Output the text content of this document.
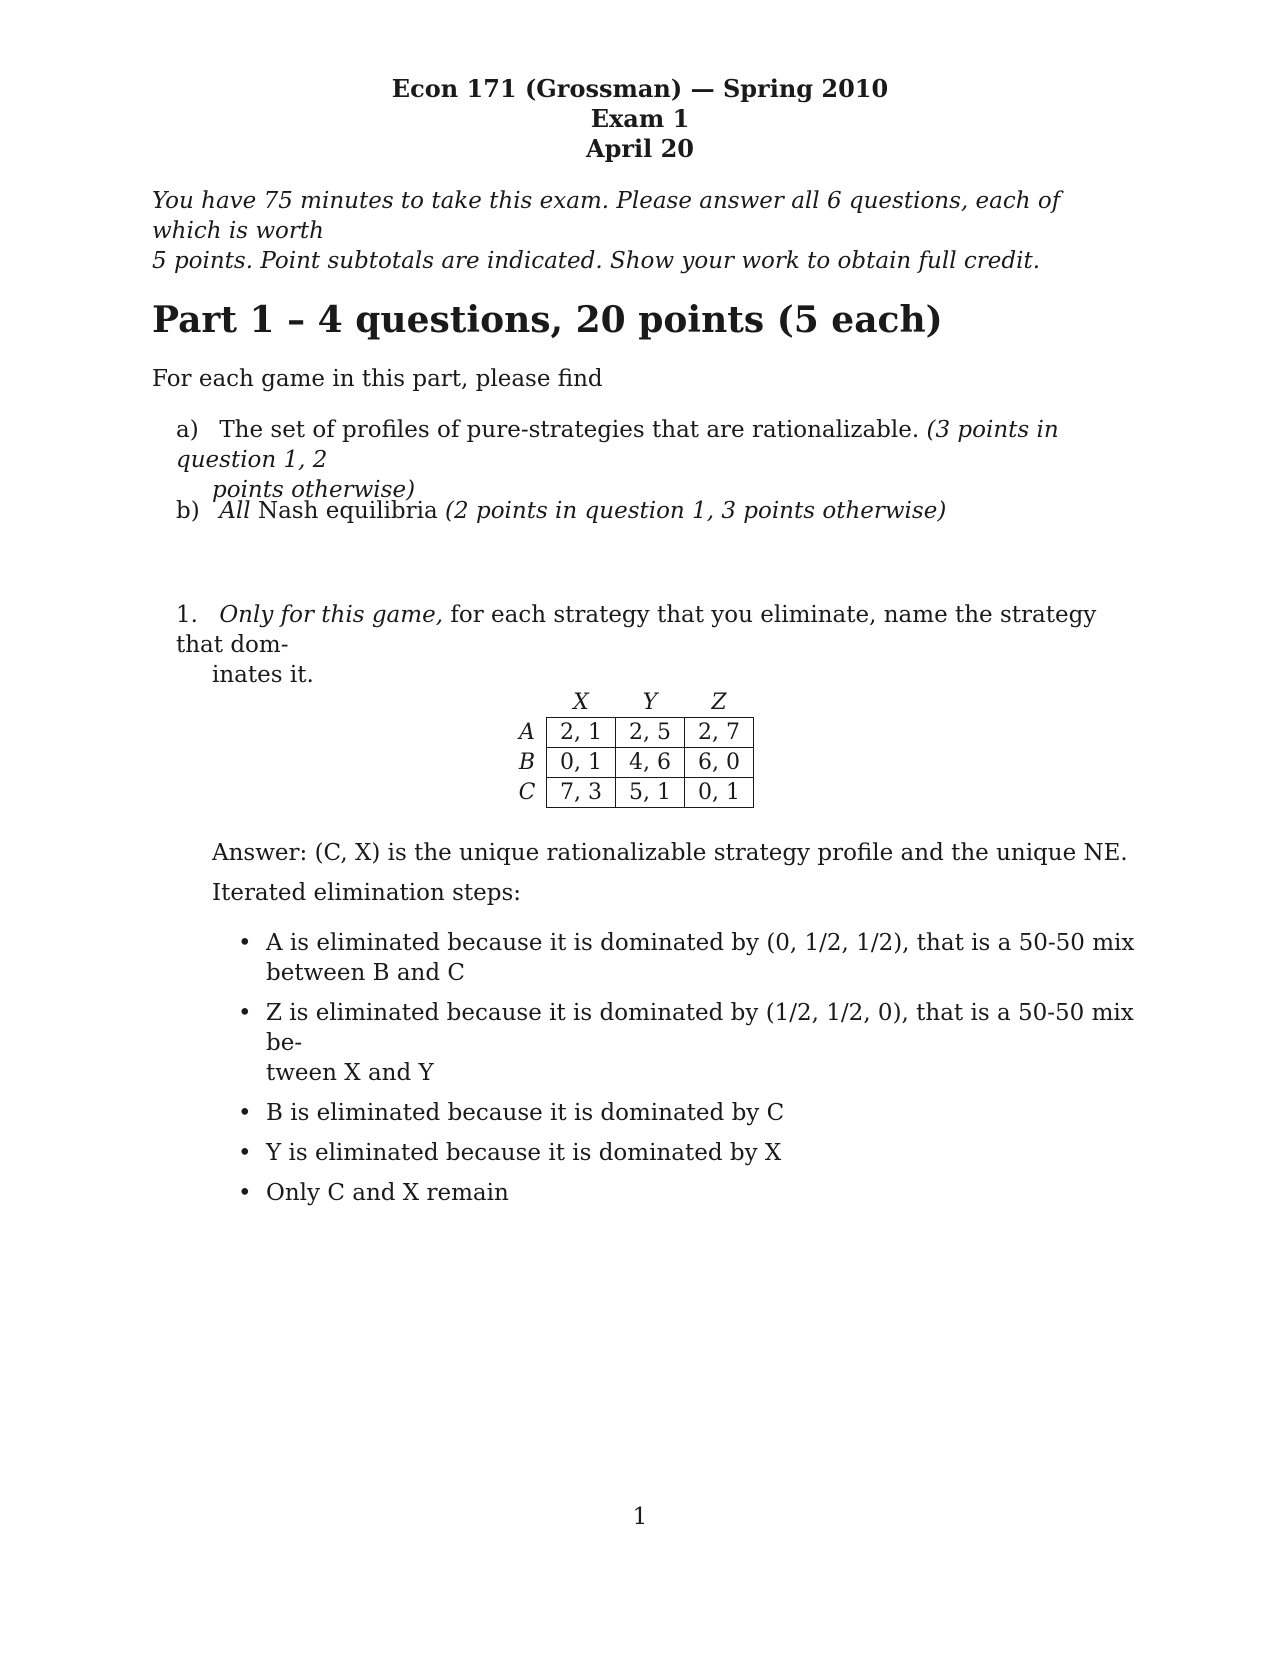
Econ 171 (Grossman) — Spring 2010
Exam 1
April 20
You have 75 minutes to take this exam. Please answer all 6 questions, each of which is worth
5 points. Point subtotals are indicated. Show your work to obtain full credit.
Part 1 – 4 questions, 20 points (5 each)
For each game in this part, please find
a) The set of profiles of pure-strategies that are rationalizable. (3 points in question 1, 2
points otherwise)
b) All Nash equilibria (2 points in question 1, 3 points otherwise)
1. Only for this game, for each strategy that you eliminate, name the strategy that dom-
inates it.
	X	Y	Z
A	2, 1	2, 5	2, 7
B	0, 1	4, 6	6, 0
C	7, 3	5, 1	0, 1
Answer: (C, X) is the unique rationalizable strategy profile and the unique NE.
Iterated elimination steps:
• A is eliminated because it is dominated by (0, 1/2, 1/2), that is a 50-50 mix
between B and C
• Z is eliminated because it is dominated by (1/2, 1/2, 0), that is a 50-50 mix be-
tween X and Y
• B is eliminated because it is dominated by C
• Y is eliminated because it is dominated by X
• Only C and X remain
1
